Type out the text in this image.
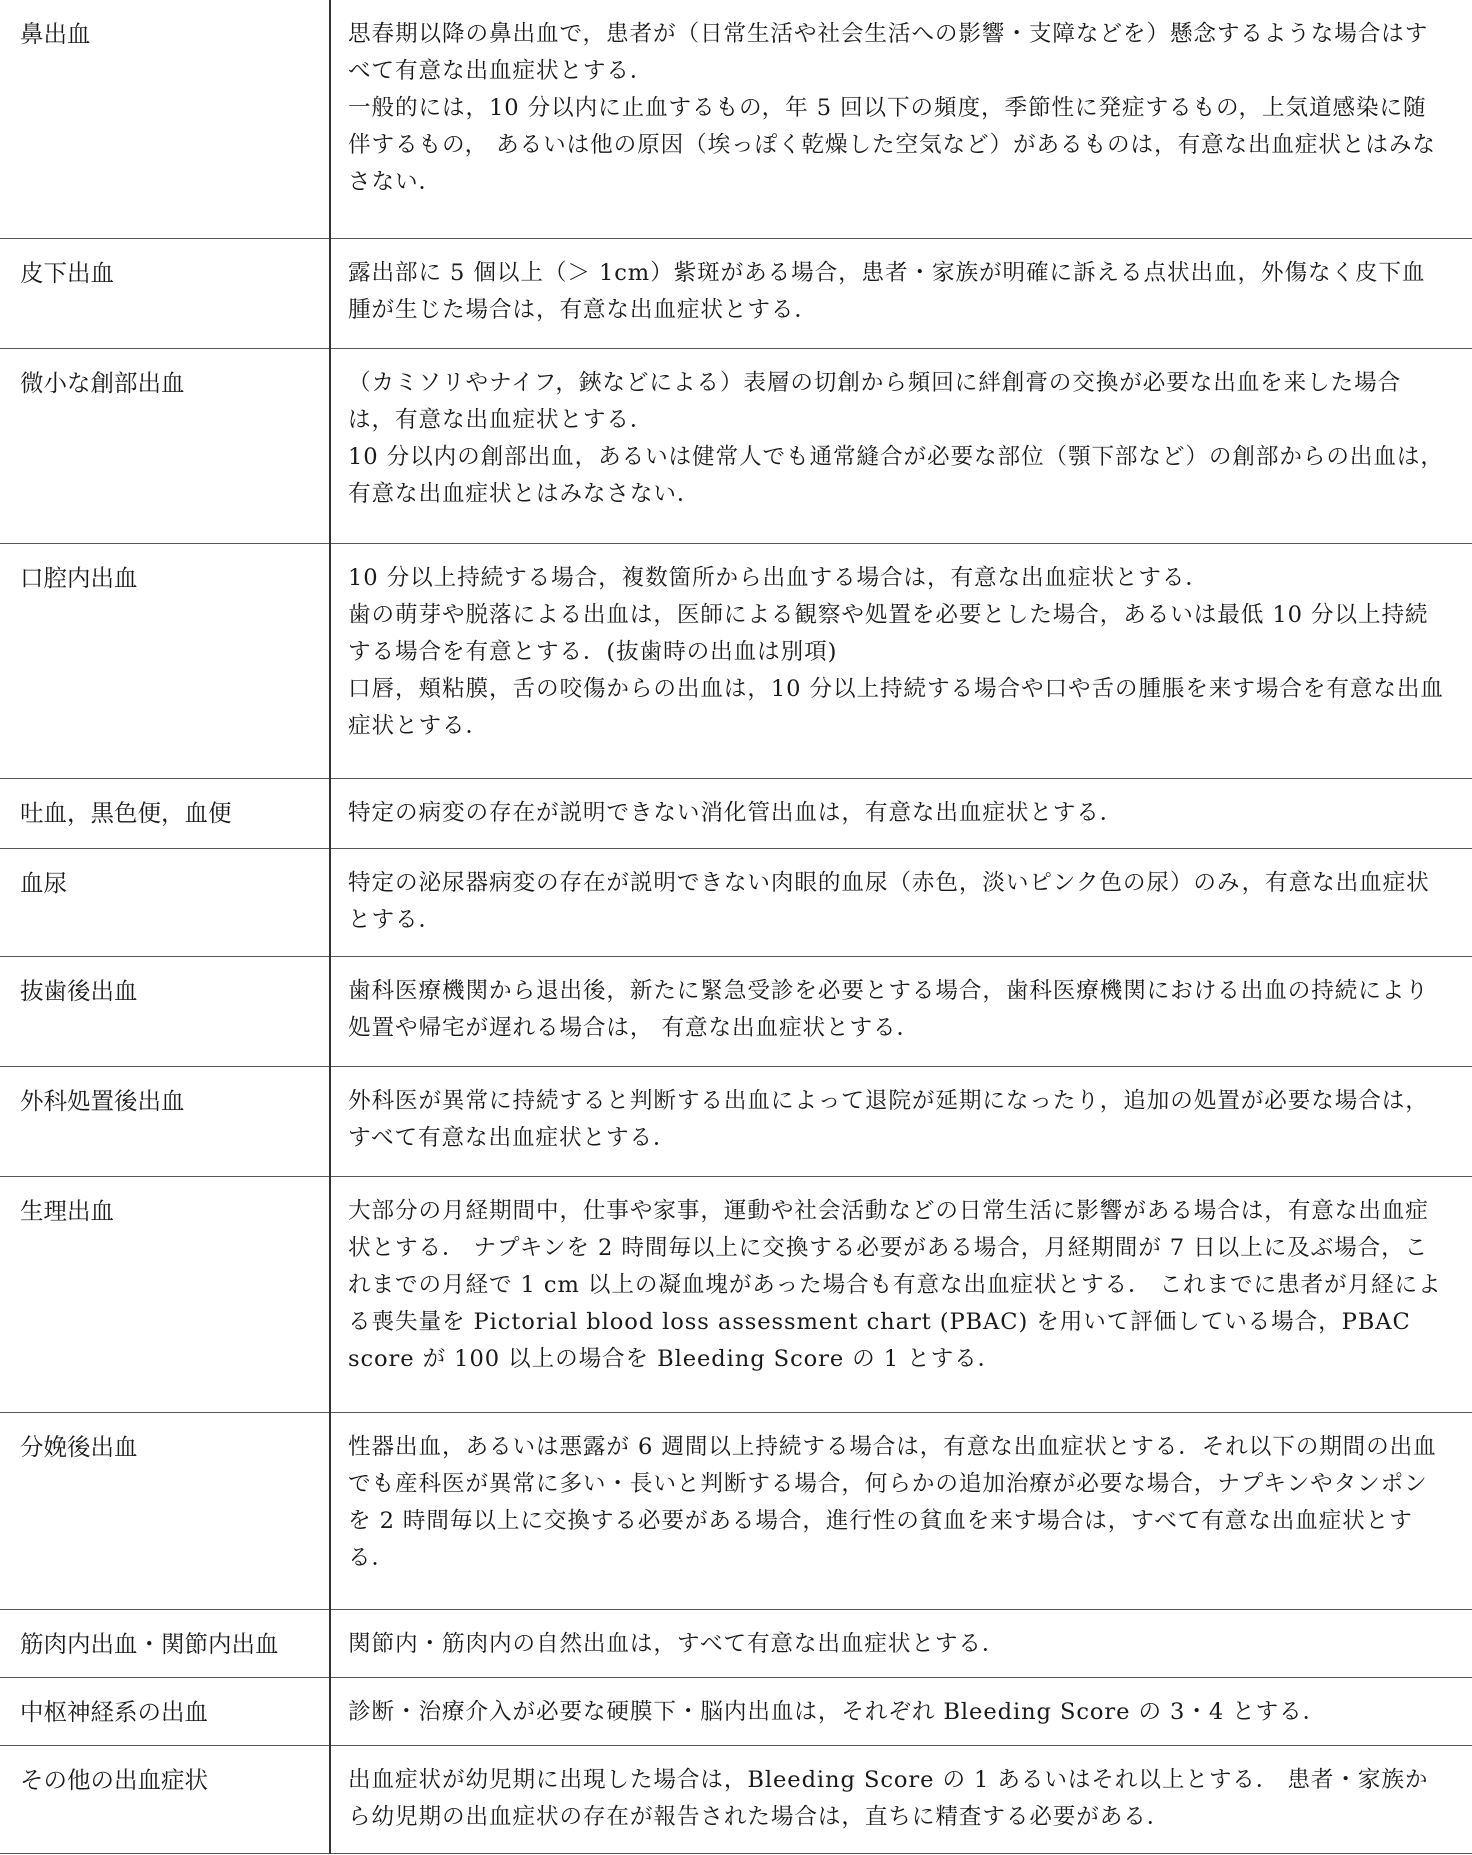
鼻出血	思春期以降の鼻出血で，患者が（日常生活や社会生活への影響・支障などを）懸念するような場合はすべて有意な出血症状とする．

一般的には，10 分以内に止血するもの，年 5 回以下の頻度，季節性に発症するもの，上気道感染に随伴するもの， あるいは他の原因（埃っぽく乾燥した空気など）があるものは，有意な出血症状とはみなさない．

皮下出血	露出部に 5 個以上（＞ 1cm）紫斑がある場合，患者・家族が明確に訴える点状出血，外傷なく皮下血腫が生じた場合は，有意な出血症状とする．

微小な創部出血	（カミソリやナイフ，鋏などによる）表層の切創から頻回に絆創膏の交換が必要な出血を来した場合は，有意な出血症状とする．

10 分以内の創部出血，あるいは健常人でも通常縫合が必要な部位（顎下部など）の創部からの出血は，有意な出血症状とはみなさない．

口腔内出血	10 分以上持続する場合，複数箇所から出血する場合は，有意な出血症状とする．

歯の萌芽や脱落による出血は，医師による観察や処置を必要とした場合，あるいは最低 10 分以上持続する場合を有意とする．(抜歯時の出血は別項)

口唇，頬粘膜，舌の咬傷からの出血は，10 分以上持続する場合や口や舌の腫脹を来す場合を有意な出血症状とする．

吐血，黒色便，血便	特定の病変の存在が説明できない消化管出血は，有意な出血症状とする．

血尿	特定の泌尿器病変の存在が説明できない肉眼的血尿（赤色，淡いピンク色の尿）のみ，有意な出血症状とする．

抜歯後出血	歯科医療機関から退出後，新たに緊急受診を必要とする場合，歯科医療機関における出血の持続により処置や帰宅が遅れる場合は， 有意な出血症状とする．

外科処置後出血	外科医が異常に持続すると判断する出血によって退院が延期になったり，追加の処置が必要な場合は，すべて有意な出血症状とする．

生理出血	大部分の月経期間中，仕事や家事，運動や社会活動などの日常生活に影響がある場合は，有意な出血症状とする． ナプキンを 2 時間毎以上に交換する必要がある場合，月経期間が 7 日以上に及ぶ場合，これまでの月経で 1 cm 以上の凝血塊があった場合も有意な出血症状とする． これまでに患者が月経による喪失量を Pictorial blood loss assessment chart (PBAC) を用いて評価している場合，PBAC score が 100 以上の場合を Bleeding Score の 1 とする．

分娩後出血	性器出血，あるいは悪露が 6 週間以上持続する場合は，有意な出血症状とする．それ以下の期間の出血でも産科医が異常に多い・長いと判断する場合，何らかの追加治療が必要な場合，ナプキンやタンポンを 2 時間毎以上に交換する必要がある場合，進行性の貧血を来す場合は，すべて有意な出血症状とする．

筋肉内出血・関節内出血	関節内・筋肉内の自然出血は，すべて有意な出血症状とする．

中枢神経系の出血	診断・治療介入が必要な硬膜下・脳内出血は，それぞれ Bleeding Score の 3・4 とする．

その他の出血症状	出血症状が幼児期に出現した場合は，Bleeding Score の 1 あるいはそれ以上とする． 患者・家族から幼児期の出血症状の存在が報告された場合は，直ちに精査する必要がある．
